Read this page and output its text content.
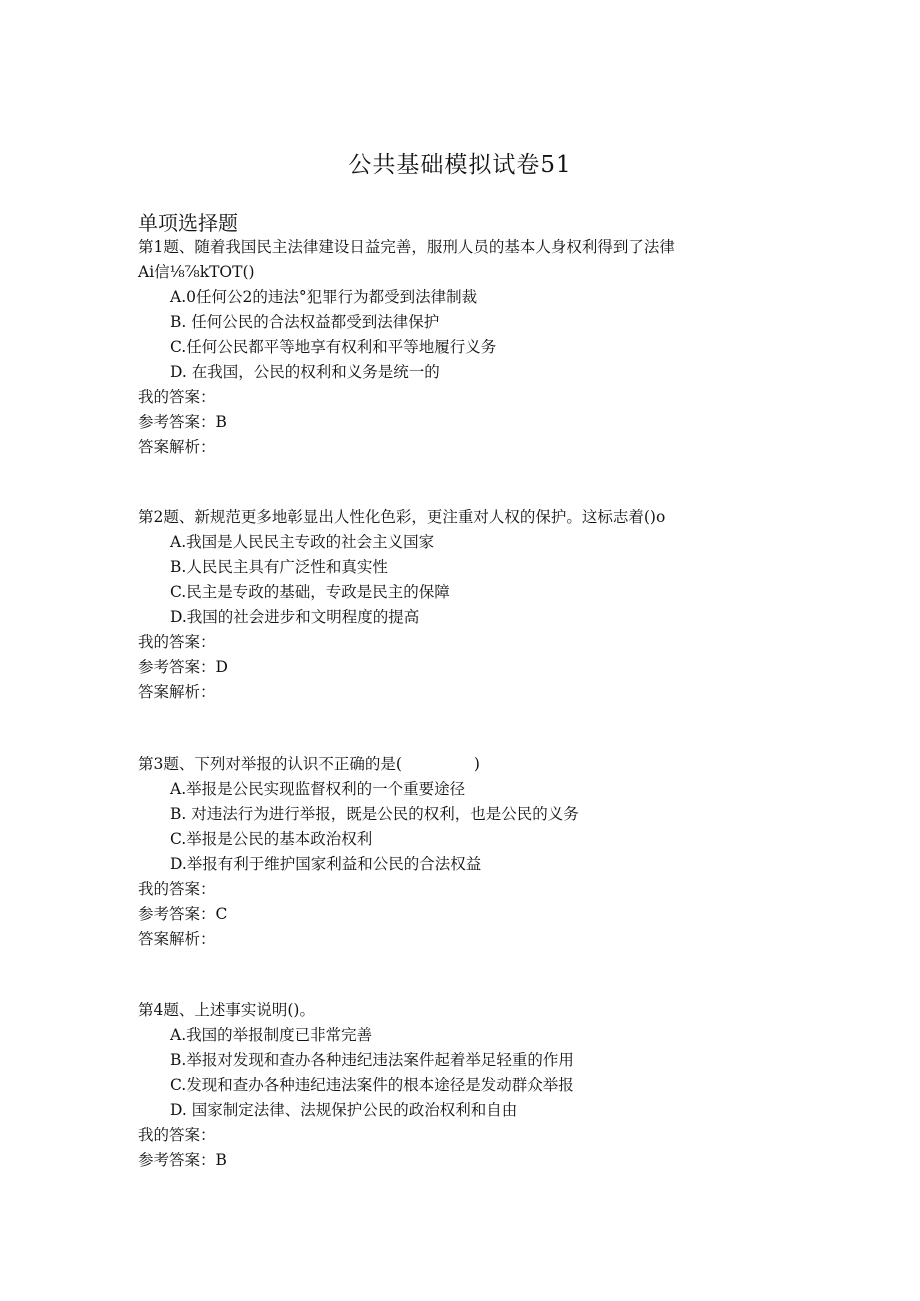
公共基础模拟试卷51
单项选择题
第1题、随着我国民主法律建设日益完善，服刑人员的基本人身权利得到了法律
Ai信⅛⅞kTOT()
A.0任何公2的违法°犯罪行为都受到法律制裁
B. 任何公民的合法权益都受到法律保护
C.任何公民都平等地享有权利和平等地履行义务
D. 在我国，公民的权利和义务是统一的
我的答案：
参考答案：B
答案解析：
第2题、新规范更多地彰显出人性化色彩，更注重对人权的保护。这标志着()o
A.我国是人民民主专政的社会主义国家
B.人民民主具有广泛性和真实性
C.民主是专政的基础，专政是民主的保障
D.我国的社会进步和文明程度的提高
我的答案：
参考答案：D
答案解析：
第3题、下列对举报的认识不正确的是(	)
A.举报是公民实现监督权利的一个重要途径
B. 对违法行为进行举报，既是公民的权利，也是公民的义务
C.举报是公民的基本政治权利
D.举报有利于维护国家利益和公民的合法权益
我的答案：
参考答案：C
答案解析：
第4题、上述事实说明()。
A.我国的举报制度已非常完善
B.举报对发现和查办各种违纪违法案件起着举足轻重的作用
C.发现和查办各种违纪违法案件的根本途径是发动群众举报
D. 国家制定法律、法规保护公民的政治权利和自由
我的答案：
参考答案：B
